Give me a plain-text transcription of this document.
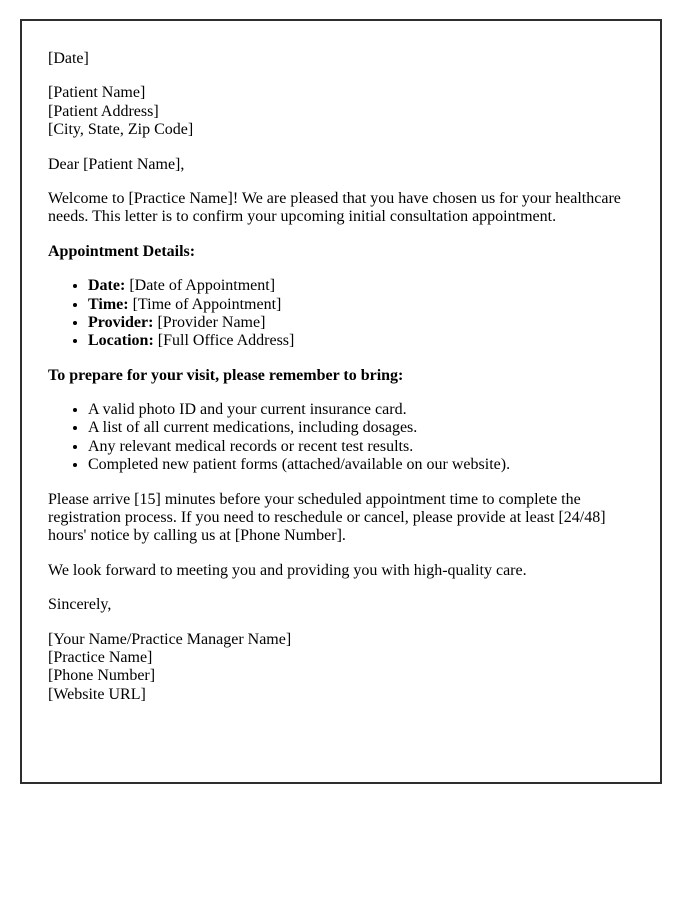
[Date]

[Patient Name]

[Patient Address]

[City, State, Zip Code]

Dear [Patient Name],

Welcome to [Practice Name]! We are pleased that you have chosen us for your healthcare needs. This letter is to confirm your upcoming initial consultation appointment.

Appointment Details:

• Date: [Date of Appointment]
• Time: [Time of Appointment]
• Provider: [Provider Name]
• Location: [Full Office Address]

To prepare for your visit, please remember to bring:

• A valid photo ID and your current insurance card.
• A list of all current medications, including dosages.
• Any relevant medical records or recent test results.
• Completed new patient forms (attached/available on our website).

Please arrive [15] minutes before your scheduled appointment time to complete the registration process. If you need to reschedule or cancel, please provide at least [24/48] hours' notice by calling us at [Phone Number].

We look forward to meeting you and providing you with high-quality care.

Sincerely,

[Your Name/Practice Manager Name]

[Practice Name]

[Phone Number]

[Website URL]
